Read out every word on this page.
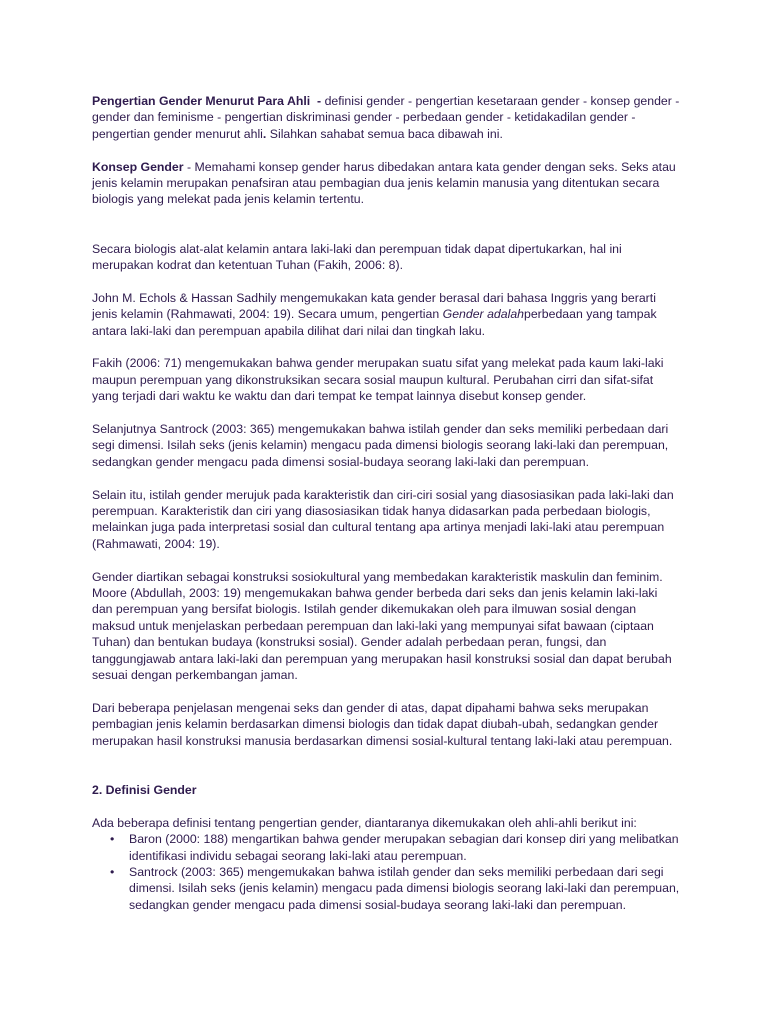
Pengertian Gender Menurut Para Ahli - definisi gender - pengertian kesetaraan gender - konsep gender - gender dan feminisme - pengertian diskriminasi gender - perbedaan gender - ketidakadilan gender - pengertian gender menurut ahli. Silahkan sahabat semua baca dibawah ini.

Konsep Gender - Memahami konsep gender harus dibedakan antara kata gender dengan seks. Seks atau jenis kelamin merupakan penafsiran atau pembagian dua jenis kelamin manusia yang ditentukan secara biologis yang melekat pada jenis kelamin tertentu.

Secara biologis alat-alat kelamin antara laki-laki dan perempuan tidak dapat dipertukarkan, hal ini merupakan kodrat dan ketentuan Tuhan (Fakih, 2006: 8).

John M. Echols & Hassan Sadhily mengemukakan kata gender berasal dari bahasa Inggris yang berarti jenis kelamin (Rahmawati, 2004: 19). Secara umum, pengertian Gender adalahperbedaan yang tampak antara laki-laki dan perempuan apabila dilihat dari nilai dan tingkah laku.

Fakih (2006: 71) mengemukakan bahwa gender merupakan suatu sifat yang melekat pada kaum laki-laki maupun perempuan yang dikonstruksikan secara sosial maupun kultural. Perubahan cirri dan sifat-sifat yang terjadi dari waktu ke waktu dan dari tempat ke tempat lainnya disebut konsep gender.

Selanjutnya Santrock (2003: 365) mengemukakan bahwa istilah gender dan seks memiliki perbedaan dari segi dimensi. Isilah seks (jenis kelamin) mengacu pada dimensi biologis seorang laki-laki dan perempuan, sedangkan gender mengacu pada dimensi sosial-budaya seorang laki-laki dan perempuan.

Selain itu, istilah gender merujuk pada karakteristik dan ciri-ciri sosial yang diasosiasikan pada laki-laki dan perempuan. Karakteristik dan ciri yang diasosiasikan tidak hanya didasarkan pada perbedaan biologis, melainkan juga pada interpretasi sosial dan cultural tentang apa artinya menjadi laki-laki atau perempuan (Rahmawati, 2004: 19).

Gender diartikan sebagai konstruksi sosiokultural yang membedakan karakteristik maskulin dan feminim. Moore (Abdullah, 2003: 19) mengemukakan bahwa gender berbeda dari seks dan jenis kelamin laki-laki dan perempuan yang bersifat biologis. Istilah gender dikemukakan oleh para ilmuwan sosial dengan maksud untuk menjelaskan perbedaan perempuan dan laki-laki yang mempunyai sifat bawaan (ciptaan Tuhan) dan bentukan budaya (konstruksi sosial). Gender adalah perbedaan peran, fungsi, dan tanggungjawab antara laki-laki dan perempuan yang merupakan hasil konstruksi sosial dan dapat berubah sesuai dengan perkembangan jaman.

Dari beberapa penjelasan mengenai seks dan gender di atas, dapat dipahami bahwa seks merupakan pembagian jenis kelamin berdasarkan dimensi biologis dan tidak dapat diubah-ubah, sedangkan gender merupakan hasil konstruksi manusia berdasarkan dimensi sosial-kultural tentang laki-laki atau perempuan.

2. Definisi Gender

Ada beberapa definisi tentang pengertian gender, diantaranya dikemukakan oleh ahli-ahli berikut ini:

• Baron (2000: 188) mengartikan bahwa gender merupakan sebagian dari konsep diri yang melibatkan identifikasi individu sebagai seorang laki-laki atau perempuan.
• Santrock (2003: 365) mengemukakan bahwa istilah gender dan seks memiliki perbedaan dari segi dimensi. Isilah seks (jenis kelamin) mengacu pada dimensi biologis seorang laki-laki dan perempuan, sedangkan gender mengacu pada dimensi sosial-budaya seorang laki-laki dan perempuan.
